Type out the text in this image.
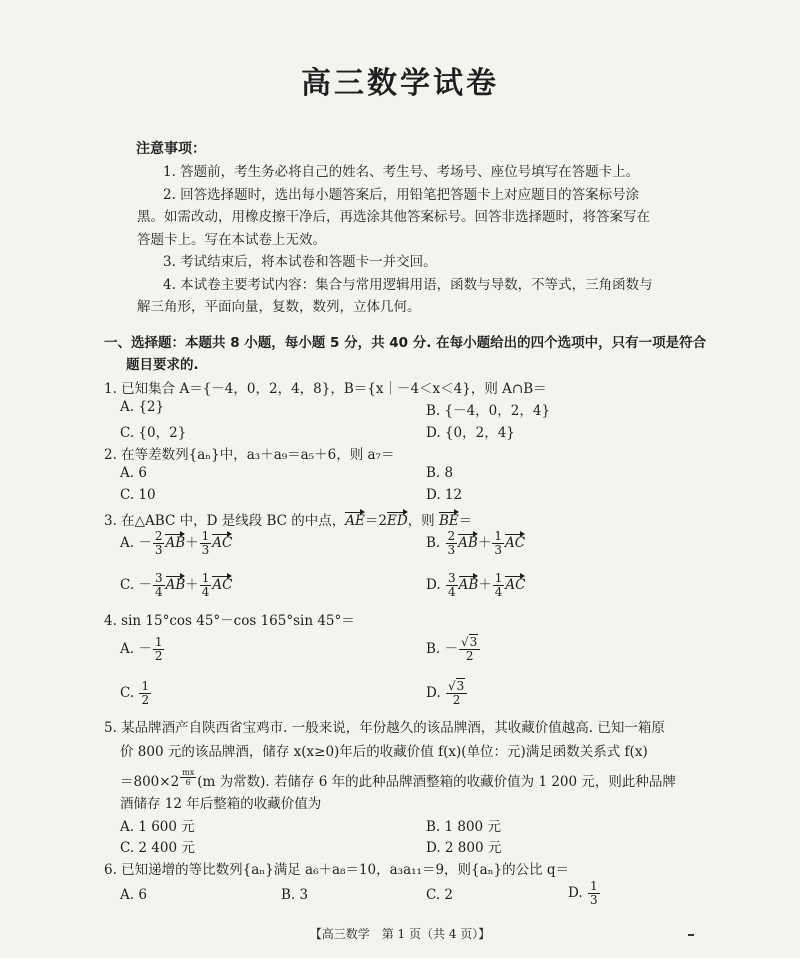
高三数学试卷
注意事项：
1. 答题前，考生务必将自己的姓名、考生号、考场号、座位号填写在答题卡上。
2. 回答选择题时，选出每小题答案后，用铅笔把答题卡上对应题目的答案标号涂
黑。如需改动，用橡皮擦干净后，再选涂其他答案标号。回答非选择题时，将答案写在
答题卡上。写在本试卷上无效。
3. 考试结束后，将本试卷和答题卡一并交回。
4. 本试卷主要考试内容：集合与常用逻辑用语，函数与导数，不等式，三角函数与
解三角形，平面向量，复数，数列，立体几何。
一、选择题：本题共 8 小题，每小题 5 分，共 40 分. 在每小题给出的四个选项中，只有一项是符合
题目要求的.
1. 已知集合 A＝{－4，0，2，4，8}，B＝{x｜－4＜x＜4}，则 A∩B＝
A. {2}	B. {－4，0，2，4}
C. {0，2}	D. {0，2，4}
2. 在等差数列{aₙ}中，a₃＋a₉＝a₅＋6，则 a₇＝
A. 6	B. 8
C. 10	D. 12
3. 在△ABC 中，D 是线段 BC 的中点，AE＝2ED，则 BE＝
A. － $\frac{2}{3} AB+ \frac{1}{3}$ AC	B. $\frac{2}{3} AB+ \frac{1}{3}$ AC
C. － $\frac{3}{4} AB+ \frac{1}{4}$ AC	D. $\frac{3}{4} AB+ \frac{1}{4}$ AC
4. sin 15°cos 45°－cos 165°sin 45°＝
A. － $\frac{1}{2}$	B. － $\frac{√3}{2}$
C. $\frac{1}{2}$	D. $\frac{√3}{2}$
5. 某品牌酒产自陕西省宝鸡市. 一般来说，年份越久的该品牌酒，其收藏价值越高. 已知一箱原
价 800 元的该品牌酒，储存 x(x≥0)年后的收藏价值 f(x)(单位：元)满足函数关系式 f(x)
＝800×2 $^{\frac{mx}{6}}$ (m 为常数). 若储存 6 年的此种品牌酒整箱的收藏价值为 1 200 元，则此种品牌
酒储存 12 年后整箱的收藏价值为
A. 1 600 元	B. 1 800 元
C. 2 400 元	D. 2 800 元
6. 已知递增的等比数列{aₙ}满足 a₆＋a₈＝10，a₃a₁₁＝9，则{aₙ}的公比 q＝
A. 6	B. 3	C. 2	D. $\frac{1}{3}$
【高三数学　第 1 页（共 4 页）】
